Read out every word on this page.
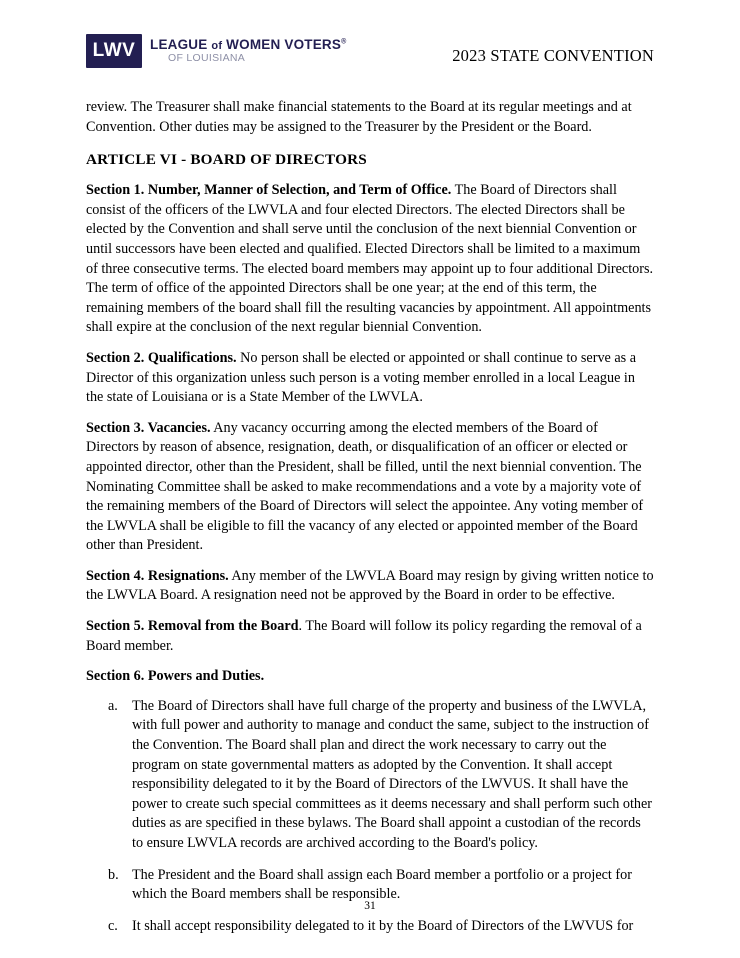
LWV	LEAGUE of WOMEN VOTERS®
OF LOUISIANA	2023 STATE CONVENTION

review. The Treasurer shall make financial statements to the Board at its regular meetings and at Convention. Other duties may be assigned to the Treasurer by the President or the Board.

ARTICLE VI - BOARD OF DIRECTORS

Section 1. Number, Manner of Selection, and Term of Office. The Board of Directors shall consist of the officers of the LWVLA and four elected Directors. The elected Directors shall be elected by the Convention and shall serve until the conclusion of the next biennial Convention or until successors have been elected and qualified. Elected Directors shall be limited to a maximum of three consecutive terms. The elected board members may appoint up to four additional Directors. The term of office of the appointed Directors shall be one year; at the end of this term, the remaining members of the board shall fill the resulting vacancies by appointment. All appointments shall expire at the conclusion of the next regular biennial Convention.

Section 2. Qualifications. No person shall be elected or appointed or shall continue to serve as a Director of this organization unless such person is a voting member enrolled in a local League in the state of Louisiana or is a State Member of the LWVLA.

Section 3. Vacancies. Any vacancy occurring among the elected members of the Board of Directors by reason of absence, resignation, death, or disqualification of an officer or elected or appointed director, other than the President, shall be filled, until the next biennial convention. The Nominating Committee shall be asked to make recommendations and a vote by a majority vote of the remaining members of the Board of Directors will select the appointee. Any voting member of the LWVLA shall be eligible to fill the vacancy of any elected or appointed member of the Board other than President.

Section 4. Resignations. Any member of the LWVLA Board may resign by giving written notice to the LWVLA Board. A resignation need not be approved by the Board in order to be effective.

Section 5. Removal from the Board. The Board will follow its policy regarding the removal of a Board member.

Section 6. Powers and Duties.

a. The Board of Directors shall have full charge of the property and business of the LWVLA, with full power and authority to manage and conduct the same, subject to the instruction of the Convention. The Board shall plan and direct the work necessary to carry out the program on state governmental matters as adopted by the Convention. It shall accept responsibility delegated to it by the Board of Directors of the LWVUS. It shall have the power to create such special committees as it deems necessary and shall perform such other duties as are specified in these bylaws. The Board shall appoint a custodian of the records to ensure LWVLA records are archived according to the Board's policy.
b. The President and the Board shall assign each Board member a portfolio or a project for which the Board members shall be responsible.
c. It shall accept responsibility delegated to it by the Board of Directors of the LWVUS for
31
